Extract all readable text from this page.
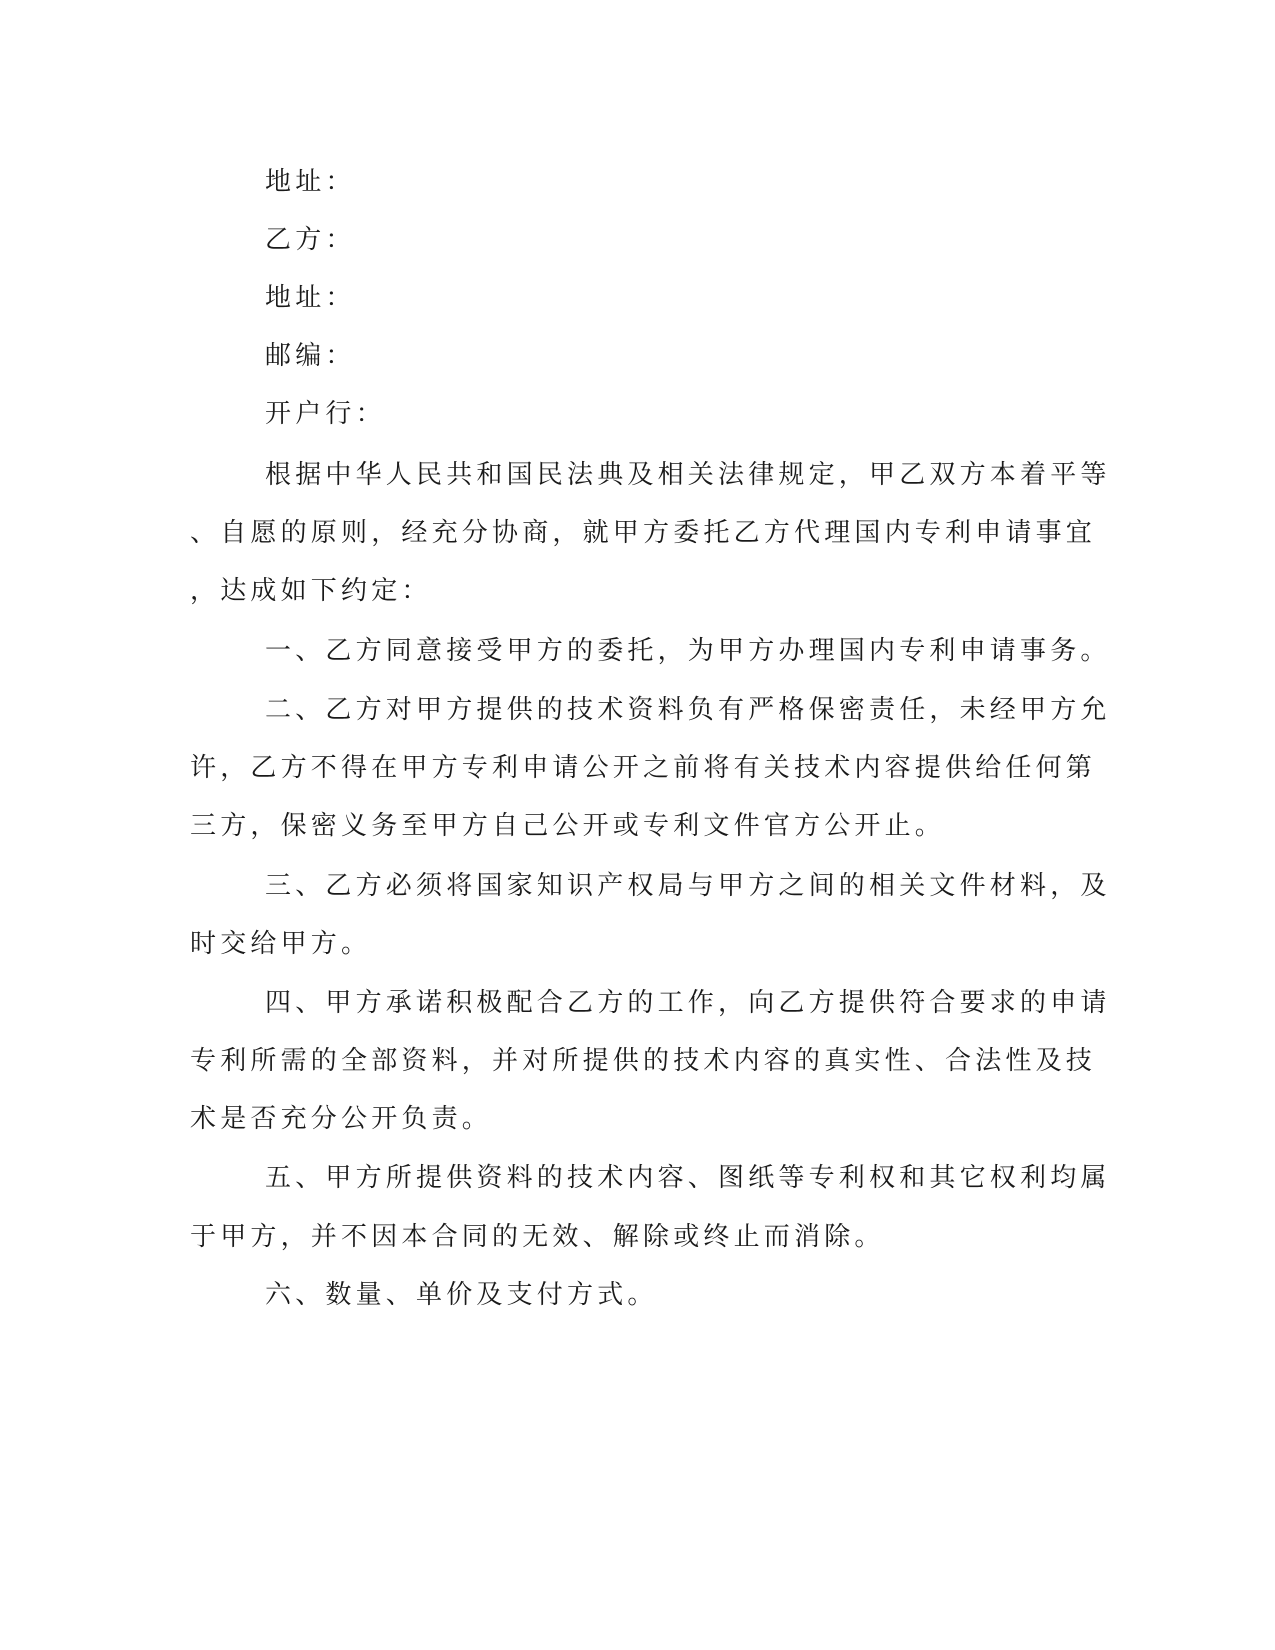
地址：
乙方：
地址：
邮编：
开户行：
根据中华人民共和国民法典及相关法律规定，甲乙双方本着平等
、自愿的原则，经充分协商，就甲方委托乙方代理国内专利申请事宜
，达成如下约定：
一、乙方同意接受甲方的委托，为甲方办理国内专利申请事务。
二、乙方对甲方提供的技术资料负有严格保密责任，未经甲方允
许，乙方不得在甲方专利申请公开之前将有关技术内容提供给任何第
三方，保密义务至甲方自己公开或专利文件官方公开止。
三、乙方必须将国家知识产权局与甲方之间的相关文件材料，及
时交给甲方。
四、甲方承诺积极配合乙方的工作，向乙方提供符合要求的申请
专利所需的全部资料，并对所提供的技术内容的真实性、合法性及技
术是否充分公开负责。
五、甲方所提供资料的技术内容、图纸等专利权和其它权利均属
于甲方，并不因本合同的无效、解除或终止而消除。
六、数量、单价及支付方式。
